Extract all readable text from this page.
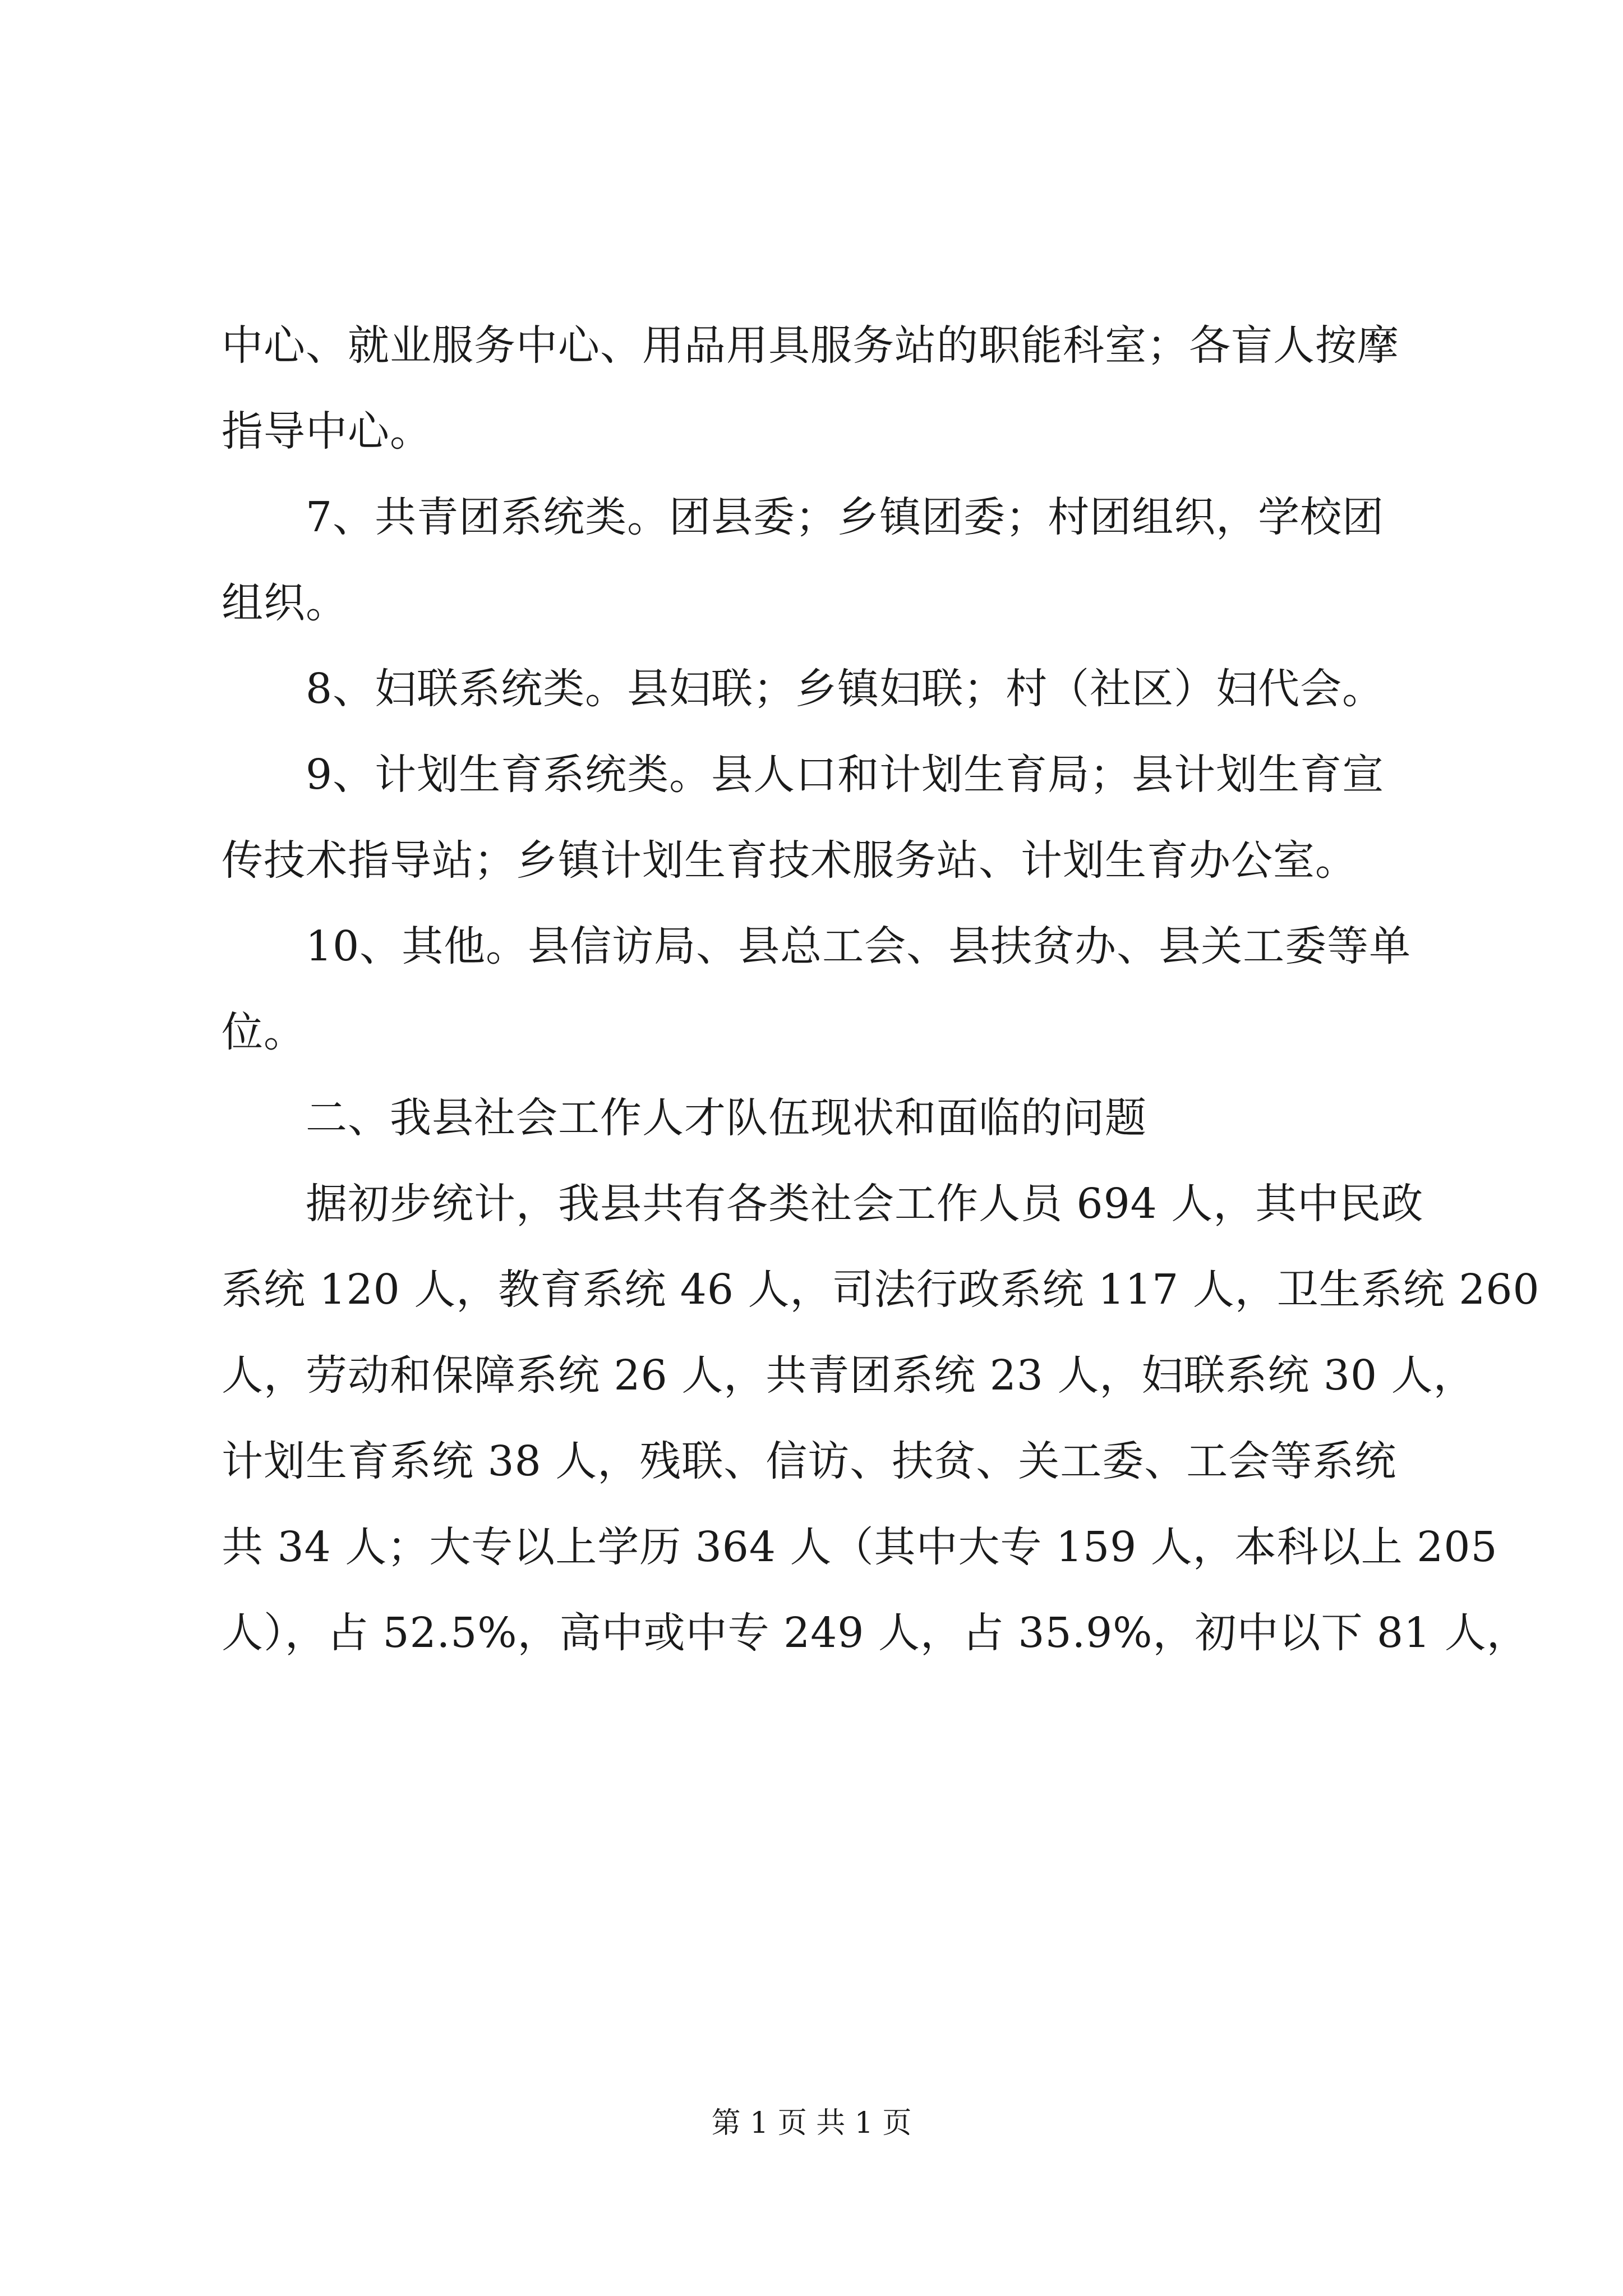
中心、就业服务中心、用品用具服务站的职能科室；各盲人按摩
指导中心。
7、共青团系统类。团县委；乡镇团委；村团组织，学校团
组织。
8、妇联系统类。县妇联；乡镇妇联；村（社区）妇代会。
9、计划生育系统类。县人口和计划生育局；县计划生育宣
传技术指导站；乡镇计划生育技术服务站、计划生育办公室。
10、其他。县信访局、县总工会、县扶贫办、县关工委等单
位。
二、我县社会工作人才队伍现状和面临的问题
据初步统计，我县共有各类社会工作人员 694 人，其中民政
系统 120 人，教育系统 46 人，司法行政系统 117 人，卫生系统 260
人，劳动和保障系统 26 人，共青团系统 23 人，妇联系统 30 人，
计划生育系统 38 人，残联、信访、扶贫、关工委、工会等系统
共 34 人；大专以上学历 364 人（其中大专 159 人，本科以上 205
人），占 52.5%，高中或中专 249 人，占 35.9%，初中以下 81 人，
第 1 页 共 1 页
